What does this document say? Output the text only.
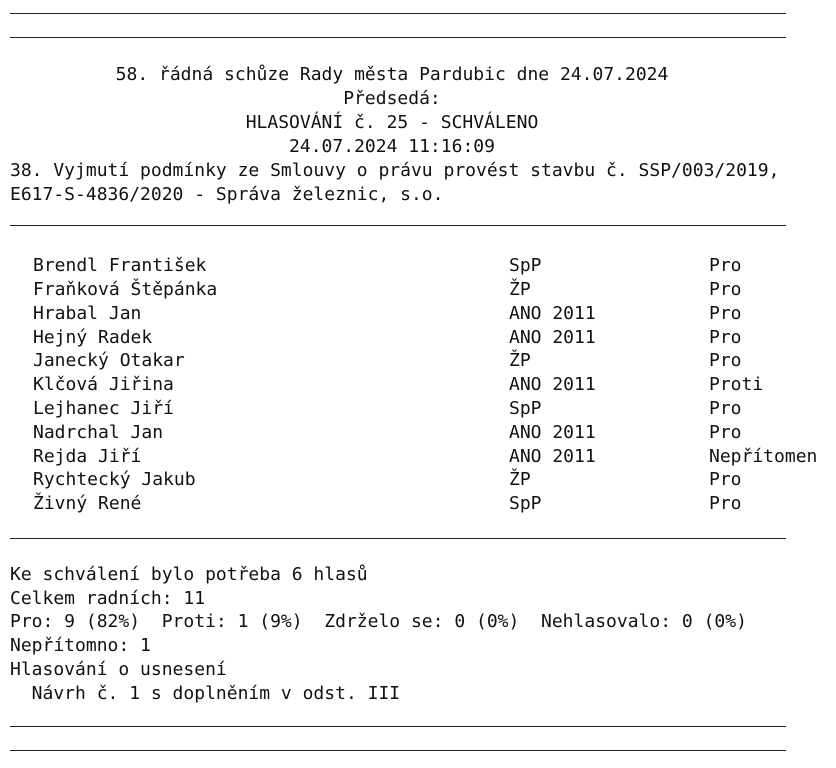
58. řádná schůze Rady města Pardubic dne 24.07.2024
Předsedá:
HLASOVÁNÍ č. 25 - SCHVÁLENO
24.07.2024 11:16:09
38. Vyjmutí podmínky ze Smlouvy o právu provést stavbu č. SSP/003/2019,
E617-S-4836/2020 - Správa železnic, s.o.
Brendl František	SpP	Pro
Fraňková Štěpánka	ŽP	Pro
Hrabal Jan	ANO 2011	Pro
Hejný Radek	ANO 2011	Pro
Janecký Otakar	ŽP	Pro
Klčová Jiřina	ANO 2011	Proti
Lejhanec Jiří	SpP	Pro
Nadrchal Jan	ANO 2011	Pro
Rejda Jiří	ANO 2011	Nepřítomen
Rychtecký Jakub	ŽP	Pro
Živný René	SpP	Pro
Ke schválení bylo potřeba 6 hlasů
Celkem radních: 11
Pro: 9 (82%)  Proti: 1 (9%)  Zdrželo se: 0 (0%)  Nehlasovalo: 0 (0%)
Nepřítomno: 1
Hlasování o usnesení
Návrh č. 1 s doplněním v odst. III
